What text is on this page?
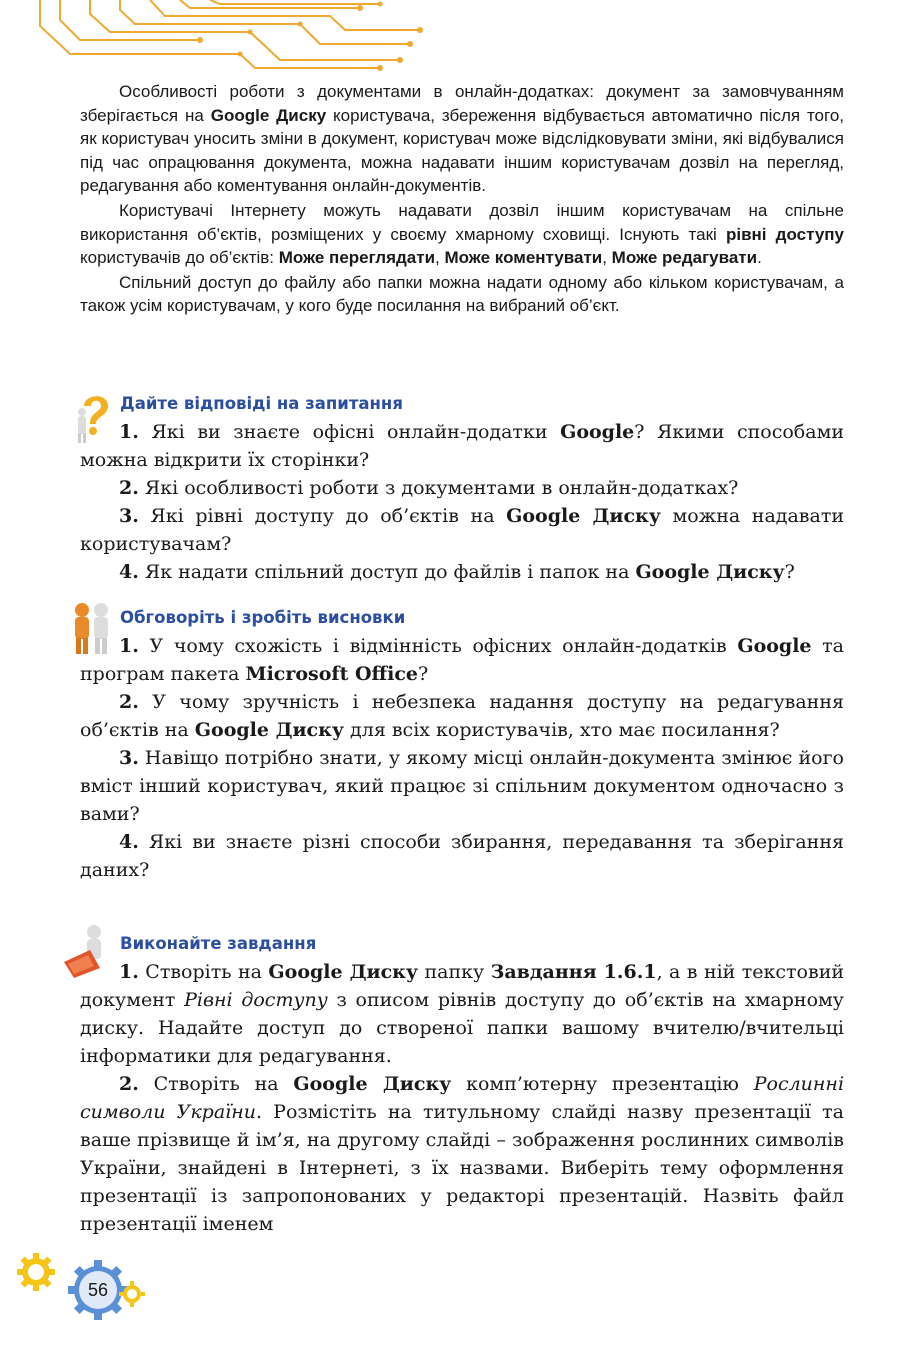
Особливості роботи з документами в онлайн-додатках: документ за замовчуванням зберігається на Google Диску користувача, збереження відбувається автоматично після того, як користувач уносить зміни в документ, користувач може відслідковувати зміни, які відбувалися під час опрацювання документа, можна надавати іншим користувачам дозвіл на перегляд, редагування або коментування онлайн-документів.

Користувачі Інтернету можуть надавати дозвіл іншим користувачам на спільне використання об’єктів, розміщених у своєму хмарному сховищі. Існують такі рівні доступу користувачів до об’єктів: Може переглядати, Може коментувати, Може редагувати.

Спільний доступ до файлу або папки можна надати одному або кільком користувачам, а також усім користувачам, у кого буде посилання на вибраний об’єкт.

Дайте відповіді на запитання

1. Які ви знаєте офісні онлайн-додатки Google? Якими способами можна відкрити їх сторінки?

2. Які особливості роботи з документами в онлайн-додатках?

3. Які рівні доступу до об’єктів на Google Диску можна надавати користувачам?

4. Як надати спільний доступ до файлів і папок на Google Диску?

Обговоріть і зробіть висновки

1. У чому схожість і відмінність офісних онлайн-додатків Google та програм пакета Microsoft Office?

2. У чому зручність і небезпека надання доступу на редагування об’єктів на Google Диску для всіх користувачів, хто має посилання?

3. Навіщо потрібно знати, у якому місці онлайн-документа змінює його вміст інший користувач, який працює зі спільним документом одночасно з вами?

4. Які ви знаєте різні способи збирання, передавання та зберігання даних?

Виконайте завдання

1. Створіть на Google Диску папку Завдання 1.6.1, а в ній текстовий документ Рівні доступу з описом рівнів доступу до об’єктів на хмарному диску. Надайте доступ до створеної папки вашому вчителю/вчительці інформатики для редагування.

2. Створіть на Google Диску комп’ютерну презентацію Рослинні символи України. Розмістіть на титульному слайді назву презентації та ваше прізвище й ім’я, на другому слайді – зображення рослинних символів України, знайдені в Інтернеті, з їх назвами. Виберіть тему оформлення презентації із запропонованих у редакторі презентацій. Назвіть файл презентації іменем

56
